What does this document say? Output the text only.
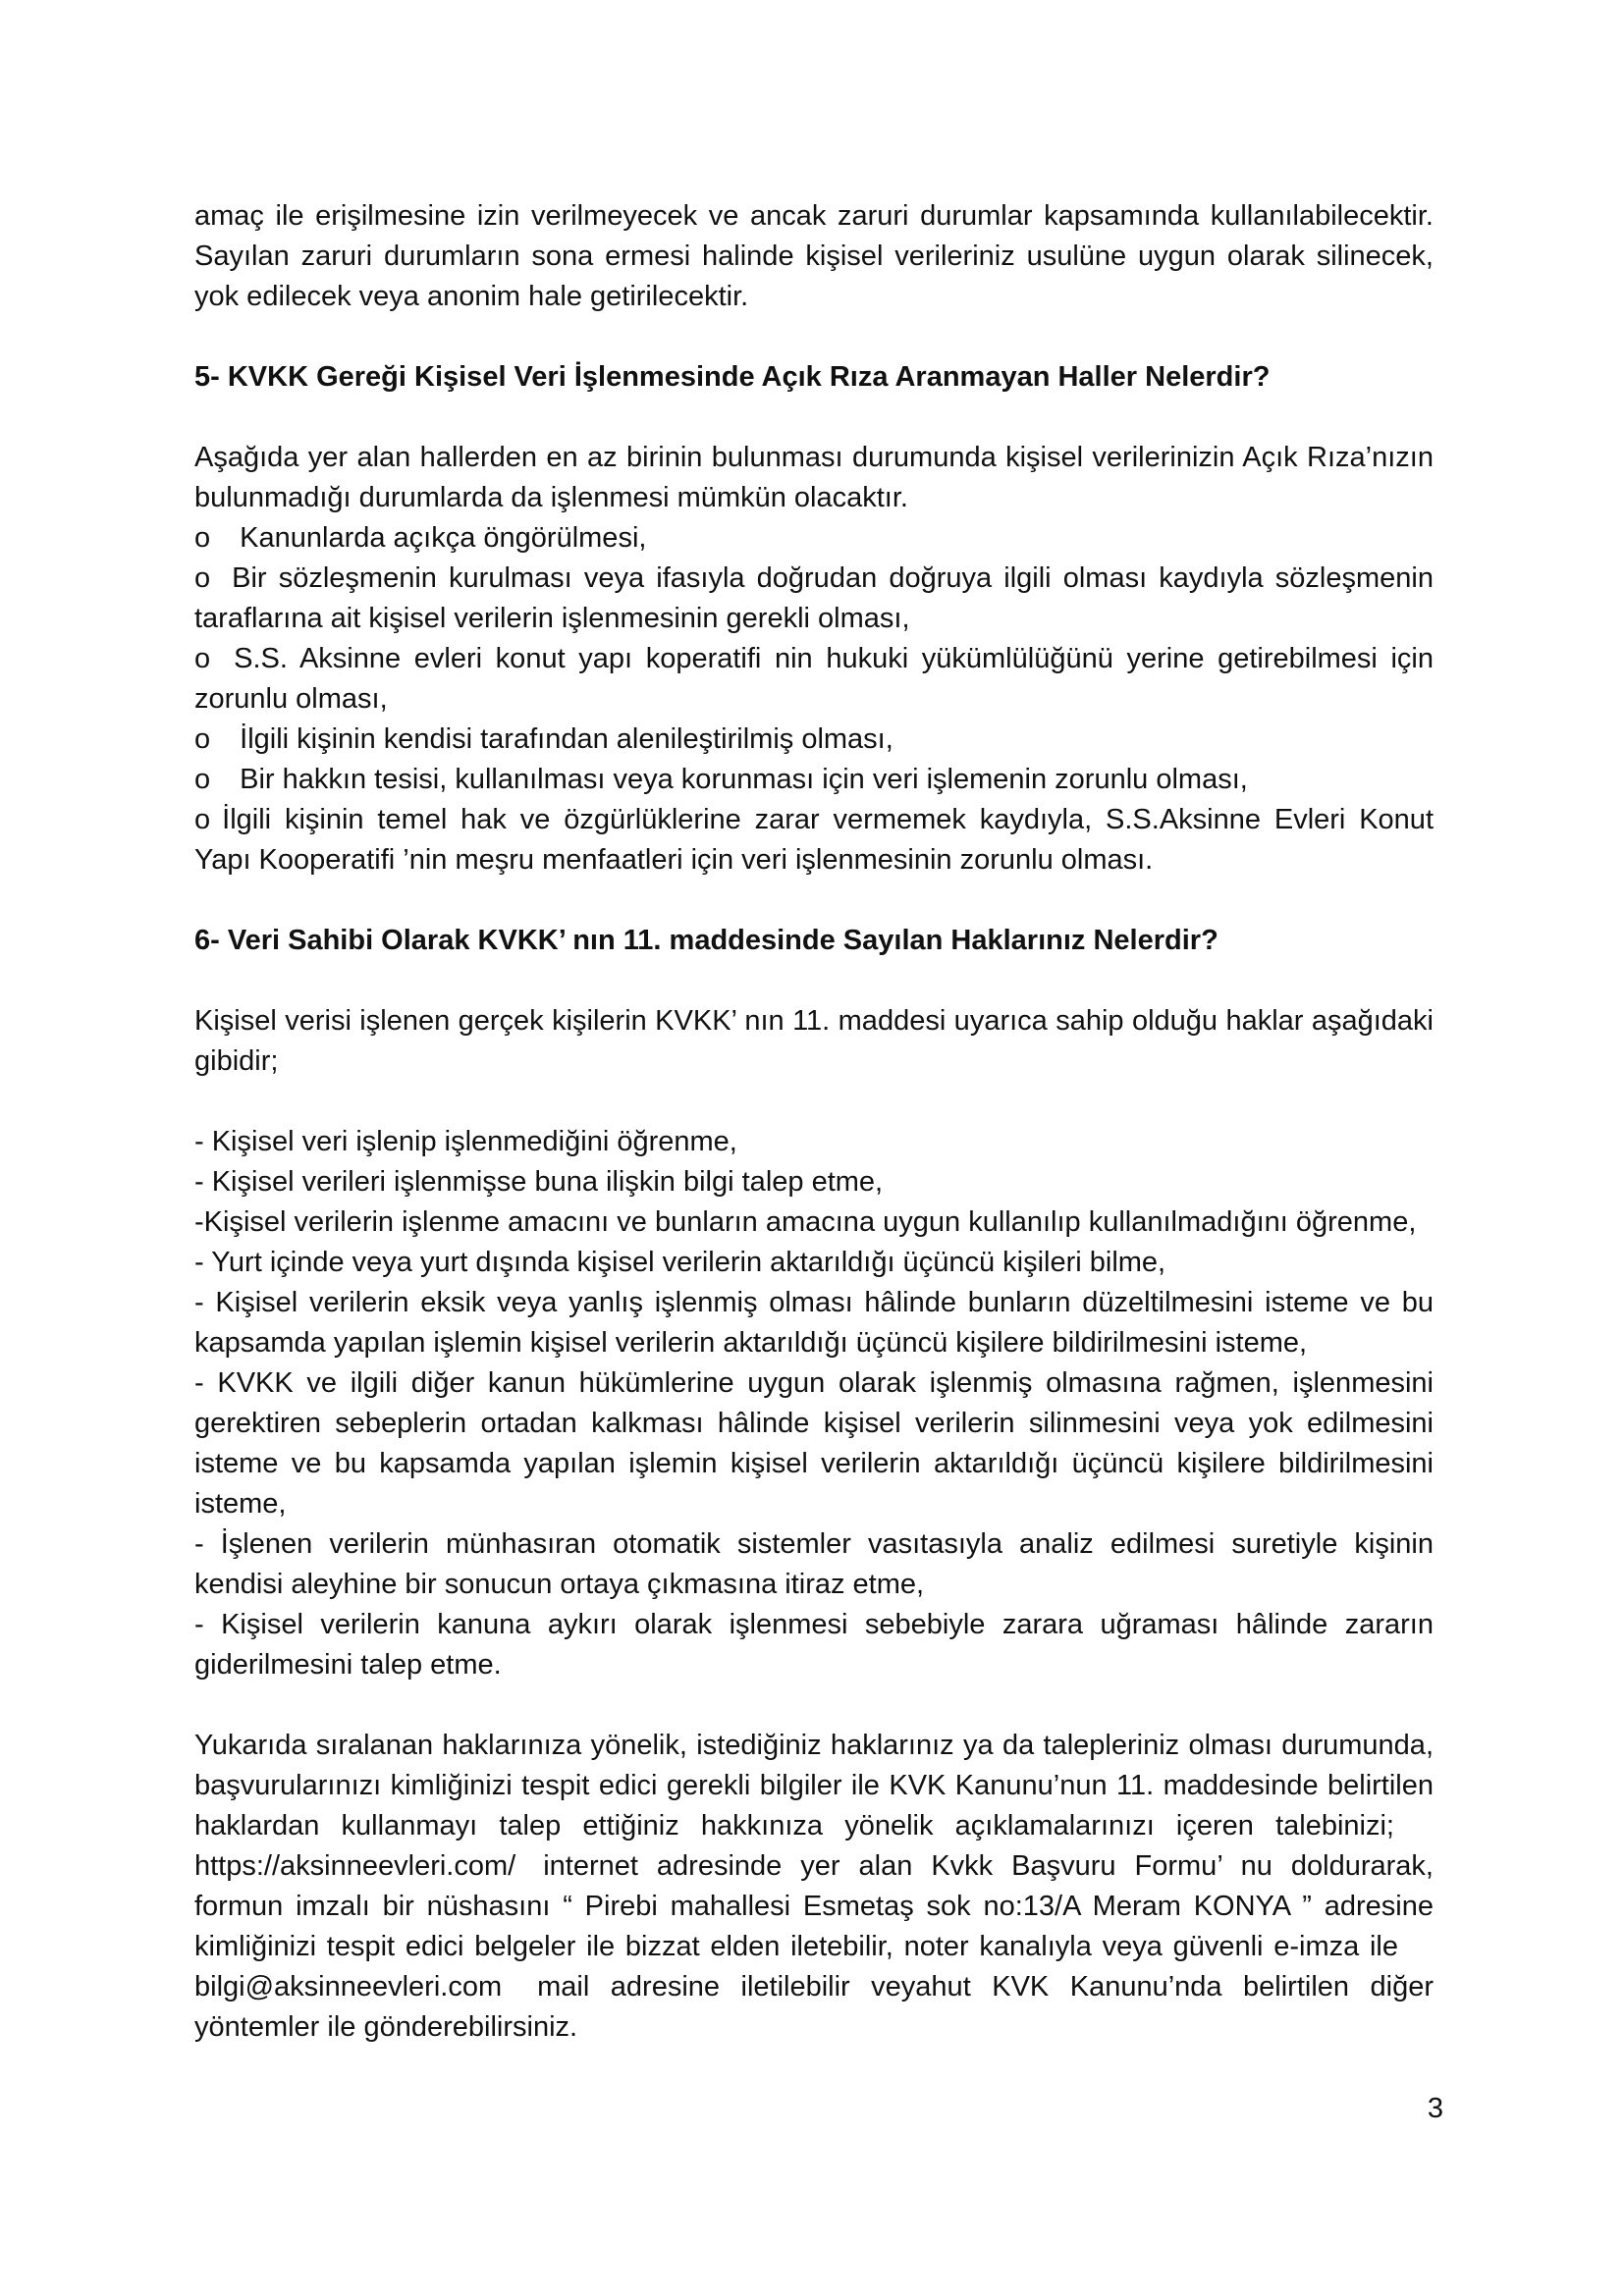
amaç ile erişilmesine izin verilmeyecek ve ancak zaruri durumlar kapsamında kullanılabilecektir. Sayılan zaruri durumların sona ermesi halinde kişisel verileriniz usulüne uygun olarak silinecek, yok edilecek veya anonim hale getirilecektir.

5- KVKK Gereği Kişisel Veri İşlenmesinde Açık Rıza Aranmayan Haller Nelerdir?

Aşağıda yer alan hallerden en az birinin bulunması durumunda kişisel verilerinizin Açık Rıza’nızın bulunmadığı durumlarda da işlenmesi mümkün olacaktır.

o Kanunlarda açıkça öngörülmesi,

o Bir sözleşmenin kurulması veya ifasıyla doğrudan doğruya ilgili olması kaydıyla sözleşmenin taraflarına ait kişisel verilerin işlenmesinin gerekli olması,

o S.S. Aksinne evleri konut yapı koperatifi nin hukuki yükümlülüğünü yerine getirebilmesi için zorunlu olması,

o İlgili kişinin kendisi tarafından alenileştirilmiş olması,

o Bir hakkın tesisi, kullanılması veya korunması için veri işlemenin zorunlu olması,

o İlgili kişinin temel hak ve özgürlüklerine zarar vermemek kaydıyla, S.S.Aksinne Evleri Konut Yapı Kooperatifi ’nin meşru menfaatleri için veri işlenmesinin zorunlu olması.

6- Veri Sahibi Olarak KVKK’ nın 11. maddesinde Sayılan Haklarınız Nelerdir?

Kişisel verisi işlenen gerçek kişilerin KVKK’ nın 11. maddesi uyarıca sahip olduğu haklar aşağıdaki gibidir;

- Kişisel veri işlenip işlenmediğini öğrenme,

- Kişisel verileri işlenmişse buna ilişkin bilgi talep etme,

-Kişisel verilerin işlenme amacını ve bunların amacına uygun kullanılıp kullanılmadığını öğrenme,

- Yurt içinde veya yurt dışında kişisel verilerin aktarıldığı üçüncü kişileri bilme,

- Kişisel verilerin eksik veya yanlış işlenmiş olması hâlinde bunların düzeltilmesini isteme ve bu kapsamda yapılan işlemin kişisel verilerin aktarıldığı üçüncü kişilere bildirilmesini isteme,

- KVKK ve ilgili diğer kanun hükümlerine uygun olarak işlenmiş olmasına rağmen, işlenmesini gerektiren sebeplerin ortadan kalkması hâlinde kişisel verilerin silinmesini veya yok edilmesini isteme ve bu kapsamda yapılan işlemin kişisel verilerin aktarıldığı üçüncü kişilere bildirilmesini isteme,

- İşlenen verilerin münhasıran otomatik sistemler vasıtasıyla analiz edilmesi suretiyle kişinin kendisi aleyhine bir sonucun ortaya çıkmasına itiraz etme,

- Kişisel verilerin kanuna aykırı olarak işlenmesi sebebiyle zarara uğraması hâlinde zararın giderilmesini talep etme.

Yukarıda sıralanan haklarınıza yönelik, istediğiniz haklarınız ya da talepleriniz olması durumunda, başvurularınızı kimliğinizi tespit edici gerekli bilgiler ile KVK Kanunu’nun 11. maddesinde belirtilen haklardan kullanmayı talep ettiğiniz hakkınıza yönelik açıklamalarınızı içeren talebinizi;https://aksinneevleri.com/ internet adresinde yer alan Kvkk Başvuru Formu’ nu doldurarak, formun imzalı bir nüshasını “ Pirebi mahallesi Esmetaş sok no:13/A Meram KONYA ” adresine kimliğinizi tespit edici belgeler ile bizzat elden iletebilir, noter kanalıyla veya güvenli e-imza ilebilgi@aksinneevleri.com mail adresine iletilebilir veyahut KVK Kanunu’nda belirtilen diğer yöntemler ile gönderebilirsiniz.

3
